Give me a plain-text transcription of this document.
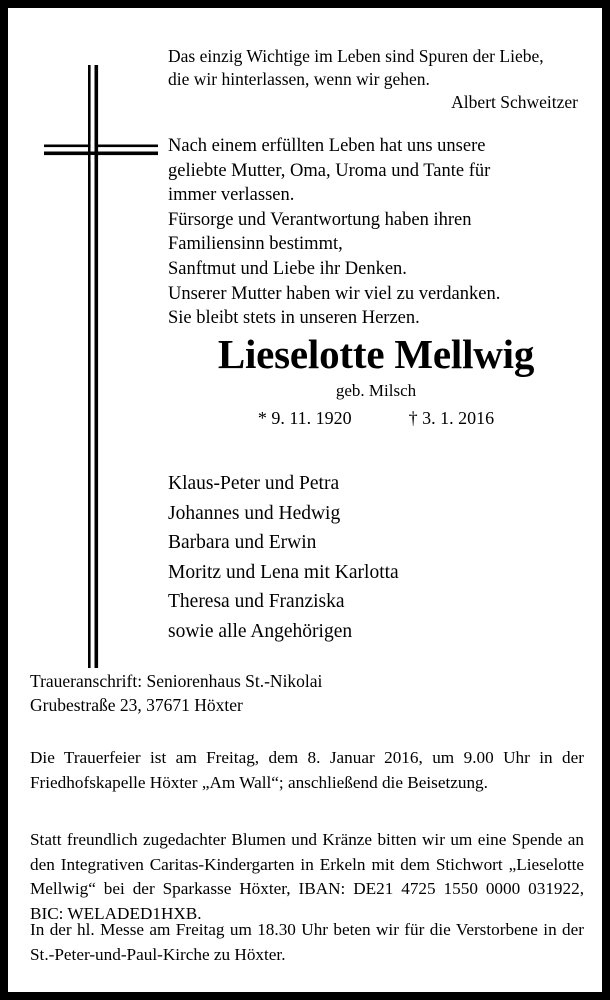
Das einzig Wichtige im Leben sind Spuren der Liebe,
die wir hinterlassen, wenn wir gehen.
Albert Schweitzer
Nach einem erfüllten Leben hat uns unsere
geliebte Mutter, Oma, Uroma und Tante für
immer verlassen.
Fürsorge und Verantwortung haben ihren
Familiensinn bestimmt,
Sanftmut und Liebe ihr Denken.
Unserer Mutter haben wir viel zu verdanken.
Sie bleibt stets in unseren Herzen.
Lieselotte Mellwig
geb. Milsch
* 9. 11. 1920	† 3. 1. 2016
Klaus-Peter und Petra
Johannes und Hedwig
Barbara und Erwin
Moritz und Lena mit Karlotta
Theresa und Franziska
sowie alle Angehörigen
Traueranschrift: Seniorenhaus St.-Nikolai
Grubestraße 23, 37671 Höxter

Die Trauerfeier ist am Freitag, dem 8. Januar 2016, um 9.00 Uhr in der Friedhofskapelle Höxter „Am Wall“; anschließend die Beisetzung.

Statt freundlich zugedachter Blumen und Kränze bitten wir um eine Spende an den Integrativen Caritas-Kindergarten in Erkeln mit dem Stichwort „Lieselotte Mellwig“ bei der Sparkasse Höxter, IBAN: DE21 4725 1550 0000 031922, BIC: WELADED1HXB.

In der hl. Messe am Freitag um 18.30 Uhr beten wir für die Verstorbene in der St.-Peter-und-Paul-Kirche zu Höxter.
